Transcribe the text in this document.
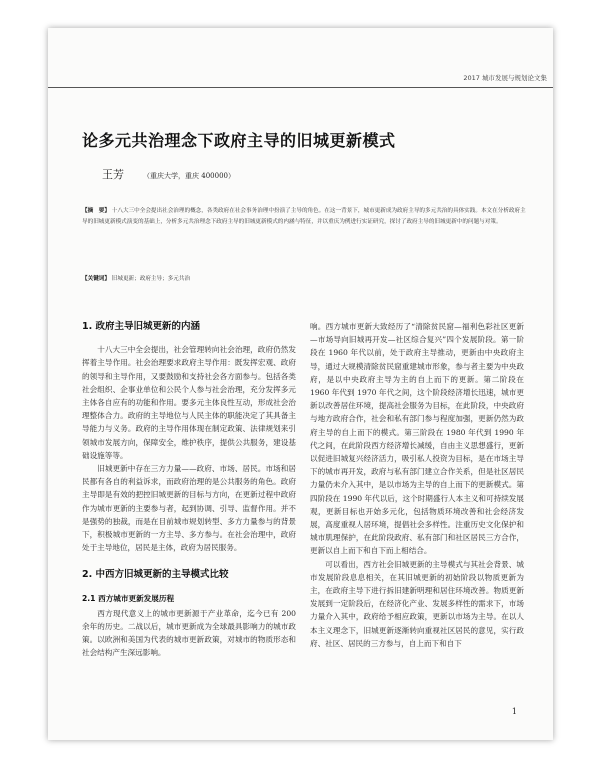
2017 城市发展与规划论文集
论多元共治理念下政府主导的旧城更新模式
王芳	（重庆大学，重庆 400000）
【摘　要】 十八大三中全会提出社会治理的概念，各类政府在社会事务治理中扮演了主导的角色。在这一背景下，城市更新成为政府主导的多元共治的具体实践。本文在分析政府主导的旧城更新模式演变的基础上，分析多元共治理念下政府主导的旧城更新模式的内涵与特征，并以重庆为例进行实证研究，探讨了政府主导的旧城更新中的问题与对策。
【关键词】 旧城更新；政府主导；多元共治
1. 政府主导旧城更新的内涵

十八大三中全会提出，社会管理转向社会治理，政府仍然发挥着主导作用。社会治理要求政府主导作用：既发挥宏观、政府的领导和主导作用，又要鼓励和支持社会各方面参与。包括各类社会组织、企事业单位和公民个人参与社会治理，充分发挥多元主体各自应有的功能和作用。要多元主体良性互动，形成社会治理整体合力。政府的主导地位与人民主体的职能决定了其具备主导能力与义务。政府的主导作用体现在制定政策、法律规划来引领城市发展方向，保障安全，维护秩序，提供公共服务，建设基础设施等等。

旧城更新中存在三方力量——政府、市场、居民。市场和居民都有各自的利益诉求，而政府治理的是公共服务的角色。政府主导即是有效的把控旧城更新的目标与方向，在更新过程中政府作为城市更新的主要参与者，起到协调、引导、监督作用。并不是强势的独裁，而是在目前城市规划转型、多方力量参与的背景下，积极城市更新的一方主导、多方参与。在社会治理中，政府处于主导地位，居民是主体，政府为居民服务。

2. 中西方旧城更新的主导模式比较
2.1 西方城市更新发展历程

西方现代意义上的城市更新源于产业革命，迄今已有 200 余年的历史。二战以后，城市更新成为全球最具影响力的城市政策。以欧洲和美国为代表的城市更新政策，对城市的物质形态和社会结构产生深远影响。

响。西方城市更新大致经历了“清除贫民窟—福利色彩社区更新—市场导向旧城再开发—社区综合复兴”四个发展阶段。第一阶段在 1960 年代以前，处于政府主导推动，更新由中央政府主导，通过大规模清除贫民窟重建城市形象，参与者主要为中央政府，是以中央政府主导为主的自上而下的更新。第二阶段在 1960 年代到 1970 年代之间，这个阶段经济增长迅速，城市更新以改善居住环境，提高社会服务为目标，在此阶段，中央政府与地方政府合作，社会和私有部门参与程度加强，更新仍然为政府主导的自上而下的模式。第三阶段在 1980 年代到 1990 年代之间，在此阶段西方经济增长减缓，自由主义思想盛行，更新以促进旧城复兴经济活力，吸引私人投资为目标，是在市场主导下的城市再开发，政府与私有部门建立合作关系，但是社区居民力量仍未介入其中，是以市场为主导的自上而下的更新模式。第四阶段在 1990 年代以后，这个时期盛行人本主义和可持续发展观，更新目标也开始多元化，包括物质环境改善和社会经济发展，高度重视人居环境，提倡社会多样性。注重历史文化保护和城市肌理保护，在此阶段政府、私有部门和社区居民三方合作，更新以自上而下和自下而上相结合。

可以看出，西方社会旧城更新的主导模式与其社会背景、城市发展阶段息息相关，在其旧城更新的初始阶段以物质更新为主，在政府主导下进行拆旧建新明理和居住环境改善。物质更新发展到一定阶段后，在经济化产业、发展多样性的需求下，市场力量介入其中，政府给予相应政策，更新以市场为主导。在以人本主义理念下，旧城更新逐渐转向重视社区居民的意见，实行政府、社区、居民的三方参与，自上而下和自下

1
